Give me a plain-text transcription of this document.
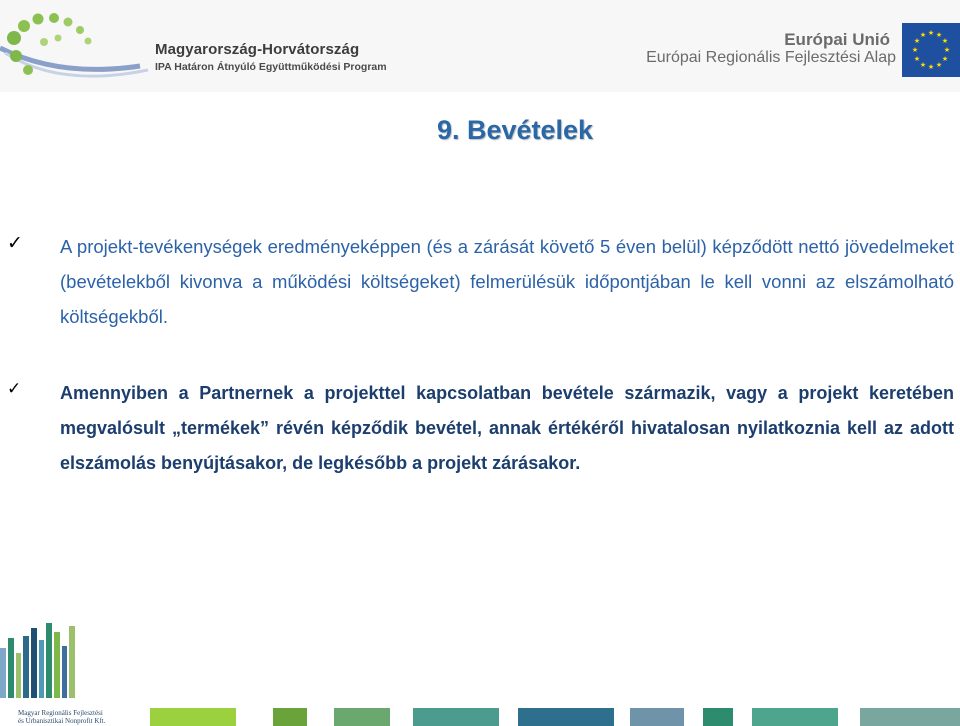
Magyarország-Horvátország
IPA Határon Átnyúló Együttműködési Program
Európai Unió
Európai Regionális Fejlesztési Alap
★ ★
★
★
★
★
★
★
★
★
★
★
9. Bevételek
✓ A projekt-tevékenységek eredményeképpen (és a zárását követő 5 éven belül) képződött nettó jövedelmeket (bevételekből kivonva a működési költségeket) felmerülésük időpontjában le kell vonni az elszámolható költségekből.
✓ Amennyiben a Partnernek a projekttel kapcsolatban bevétele származik, vagy a projekt keretében megvalósult „termékek” révén képződik bevétel, annak értékéről hivatalosan nyilatkoznia kell az adott elszámolás benyújtásakor, de legkésőbb a projekt zárásakor.
Magyar Regionális Fejlesztési
és Urbanisztikai Nonprofit Kft.
